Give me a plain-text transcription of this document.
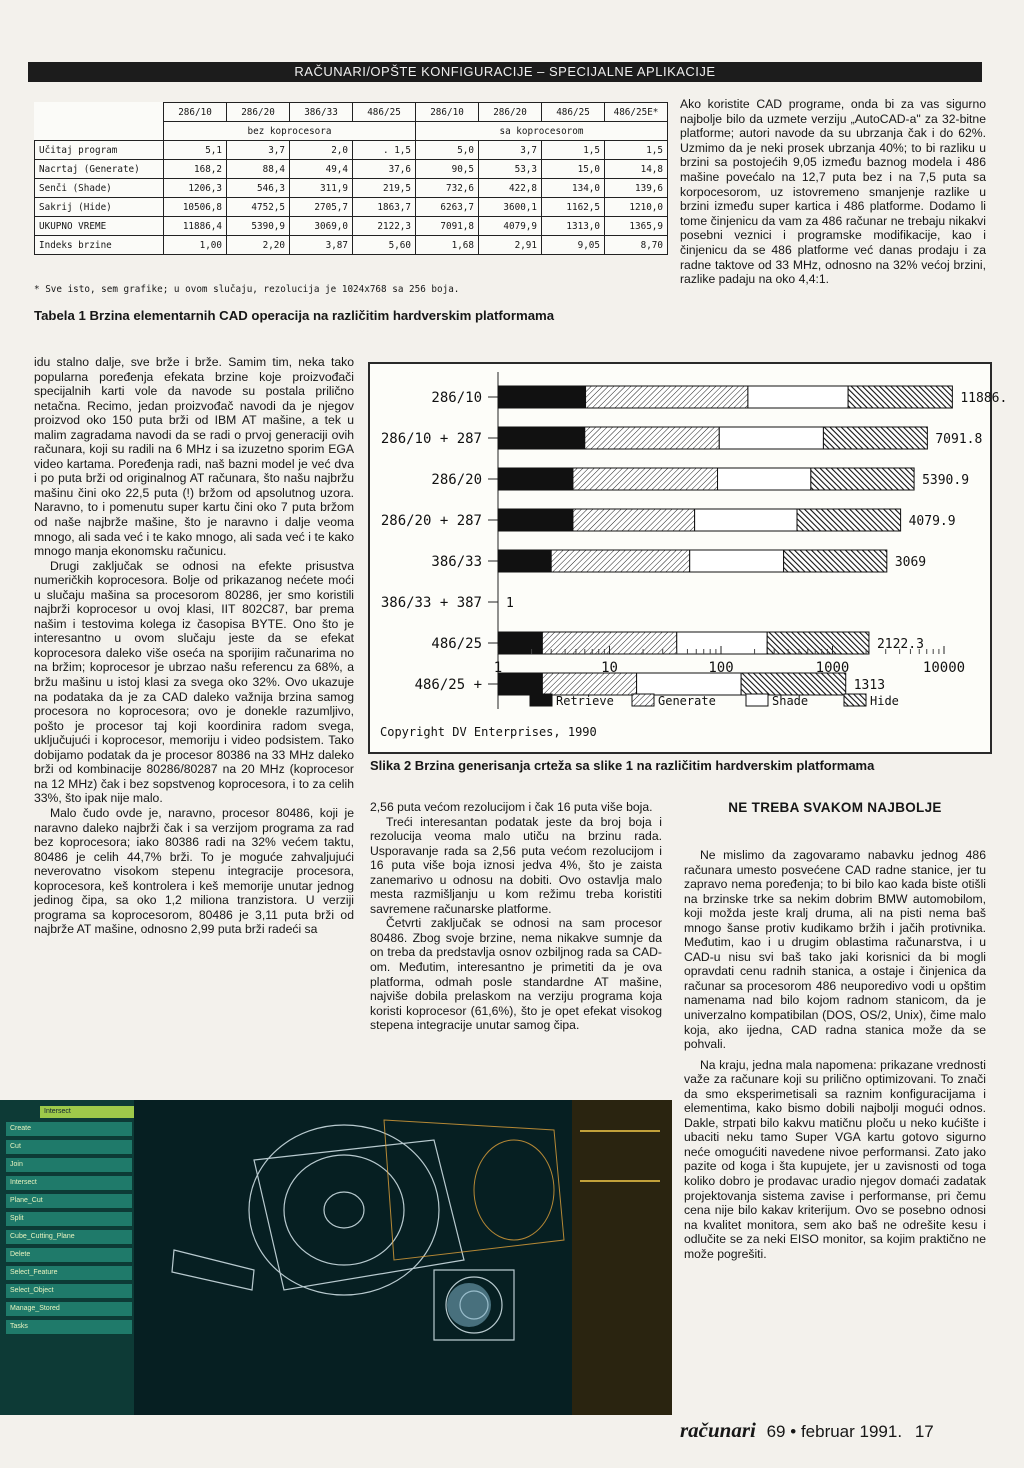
RAČUNARI/OPŠTE KONFIGURACIJE – SPECIJALNE APLIKACIJE
	286/10	286/20	386/33	486/25	286/10	286/20	486/25	486/25E*
	bez koprocesora				sa koprocesorom			
Učitaj program	5,1	3,7	2,0	. 1,5	5,0	3,7	1,5	1,5
Nacrtaj (Generate)	168,2	88,4	49,4	37,6	90,5	53,3	15,0	14,8
Senči (Shade)	1206,3	546,3	311,9	219,5	732,6	422,8	134,0	139,6
Sakrij (Hide)	10506,8	4752,5	2705,7	1863,7	6263,7	3600,1	1162,5	1210,0
UKUPNO VREME	11886,4	5390,9	3069,0	2122,3	7091,8	4079,9	1313,0	1365,9
Indeks brzine	1,00	2,20	3,87	5,60	1,68	2,91	9,05	8,70
* Sve isto, sem grafike; u ovom slučaju, rezolucija je 1024x768 sa 256 boja.
Tabela 1 Brzina elementarnih CAD operacija na različitim hardverskim platformama
Ako koristite CAD programe, onda bi za vas sigurno najbolje bilo da uzmete verziju „AutoCAD-a" za 32-bitne platforme; autori navode da su ubrzanja čak i do 62%. Uzmimo da je neki prosek ubrzanja 40%; to bi razliku u brzini sa postojećih 9,05 između baznog modela i 486 mašine povećalo na 12,7 puta bez i na 7,5 puta sa korpocesorom, uz istovremeno smanjenje razlike u brzini između super kartica i 486 platforme. Dodamo li tome činjenicu da vam za 486 računar ne trebaju nikakvi posebni veznici i programske modifikacije, kao i činjenicu da se 486 platforme već danas prodaju i za radne taktove od 33 MHz, odnosno na 32% većoj brzini, razlike padaju na oko 4,4:1.

idu stalno dalje, sve brže i brže. Samim tim, neka tako popularna poređenja efekata brzine koje proizvođači specijalnih karti vole da navode su postala prilično netačna. Recimo, jedan proizvođač navodi da je njegov proizvod oko 150 puta brži od IBM AT mašine, a tek u malim zagradama navodi da se radi o prvoj generaciji ovih računara, koji su radili na 6 MHz i sa izuzetno sporim EGA video kartama. Poređenja radi, naš bazni model je već dva i po puta brži od originalnog AT računara, što našu najbržu mašinu čini oko 22,5 puta (!) bržom od apsolutnog uzora. Naravno, to i pomenutu super kartu čini oko 7 puta bržom od naše najbrže mašine, što je naravno i dalje veoma mnogo, ali sada već i te kako mnogo, ali sada već i te kako mnogo manja ekonomsku računicu.

Drugi zaključak se odnosi na efekte prisustva numeričkih koprocesora. Bolje od prikazanog nećete moći u slučaju mašina sa procesorom 80286, jer smo koristili najbrži koprocesor u ovoj klasi, IIT 802C87, bar prema našim i testovima kolega iz časopisa BYTE. Ono što je interesantno u ovom slučaju jeste da se efekat koprocesora daleko više oseća na sporijim računarima no na bržim; koprocesor je ubrzao našu referencu za 68%, a bržu mašinu u istoj klasi za svega oko 32%. Ovo ukazuje na podataka da je za CAD daleko važnija brzina samog procesora no koprocesora; ovo je donekle razumljivo, pošto je procesor taj koji koordinira radom svega, uključujući i koprocesor, memoriju i video podsistem. Tako dobijamo podatak da je procesor 80386 na 33 MHz daleko brži od kombinacije 80286/80287 na 20 MHz (koprocesor na 12 MHz) čak i bez sopstvenog koprocesora, i to za celih 33%, što ipak nije malo.

Malo čudo ovde je, naravno, procesor 80486, koji je naravno daleko najbrži čak i sa verzijom programa za rad bez koprocesora; iako 80386 radi na 32% većem taktu, 80486 je celih 44,7% brži. To je moguće zahvaljujući neverovatno visokom stepenu integracije procesora, koprocesora, keš kontrolera i keš memorije unutar jednog jedinog čipa, sa oko 1,2 miliona tranzistora. U verziji programa sa koprocesorom, 80486 je 3,11 puta brži od najbrže AT mašine, odnosno 2,99 puta brži radeći sa

286/10	11886.
286/10 + 287	7091.8
286/20	5390.9
286/20 + 287	4079.9
386/33	3069
386/33 + 387 1
486/25	2122.3
486/25 +	1313
1	10	100	1000	10000
Retrieve	Generate	Shade	Hide
Copyright DV Enterprises, 1990
Slika 2 Brzina generisanja crteža sa slike 1 na različitim hardverskim platformama

2,56 puta većom rezolucijom i čak 16 puta više boja.

Treći interesantan podatak jeste da broj boja i rezolucija veoma malo utiču na brzinu rada. Usporavanje rada sa 2,56 puta većom rezolucijom i 16 puta više boja iznosi jedva 4%, što je zaista zanemarivo u odnosu na dobiti. Ovo ostavlja malo mesta razmišljanju u kom režimu treba koristiti savremene računarske platforme.

Četvrti zaključak se odnosi na sam procesor 80486. Zbog svoje brzine, nema nikakve sumnje da on treba da predstavlja osnov ozbiljnog rada sa CAD-om. Međutim, interesantno je primetiti da je ova platforma, odmah posle standardne AT mašine, najviše dobila prelaskom na verziju programa koja koristi koprocesor (61,6%), što je opet efekat visokog stepena integracije unutar samog čipa.

NE TREBA SVAKOM NAJBOLJE

Ne mislimo da zagovaramo nabavku jednog 486 računara umesto posvećene CAD radne stanice, jer tu zapravo nema poređenja; to bi bilo kao kada biste otišli na brzinske trke sa nekim dobrim BMW automobilom, koji možda jeste kralj druma, ali na pisti nema baš mnogo šanse protiv kudikamo bržih i jačih protivnika. Međutim, kao i u drugim oblastima računarstva, i u CAD-u nisu svi baš tako jaki korisnici da bi mogli opravdati cenu radnih stanica, a ostaje i činjenica da računar sa procesorom 486 neuporedivo vodi u opštim namenama nad bilo kojom radnom stanicom, da je univerzalno kompatibilan (DOS, OS/2, Unix), čime malo koja, ako ijedna, CAD radna stanica može da se pohvali.

Na kraju, jedna mala napomena: prikazane vrednosti važe za računare koji su prilično optimizovani. To znači da smo eksperimetisali sa raznim konfiguracijama i elementima, kako bismo dobili najbolji mogući odnos. Dakle, strpati bilo kakvu matičnu ploču u neko kućište i ubaciti neku tamo Super VGA kartu gotovo sigurno neće omogućiti navedene nivoe performansi. Zato jako pazite od koga i šta kupujete, jer u zavisnosti od toga koliko dobro je prodavac uradio njegov domaći zadatak projektovanja sistema zavise i performanse, pri čemu cena nije bilo kakav kriterijum. Ovo se posebno odnosi na kvalitet monitora, sem ako baš ne odrešite kesu i odlučite se za neki EISO monitor, sa kojim praktično ne može pogrešiti.

Intersect
Create
Cut
Join
Intersect
Plane_Cut
Split
Cube_Cutting_Plane
Delete
Select_Feature
Select_Object
Manage_Stored
Tasks
računari 69 • februar 1991. 17
